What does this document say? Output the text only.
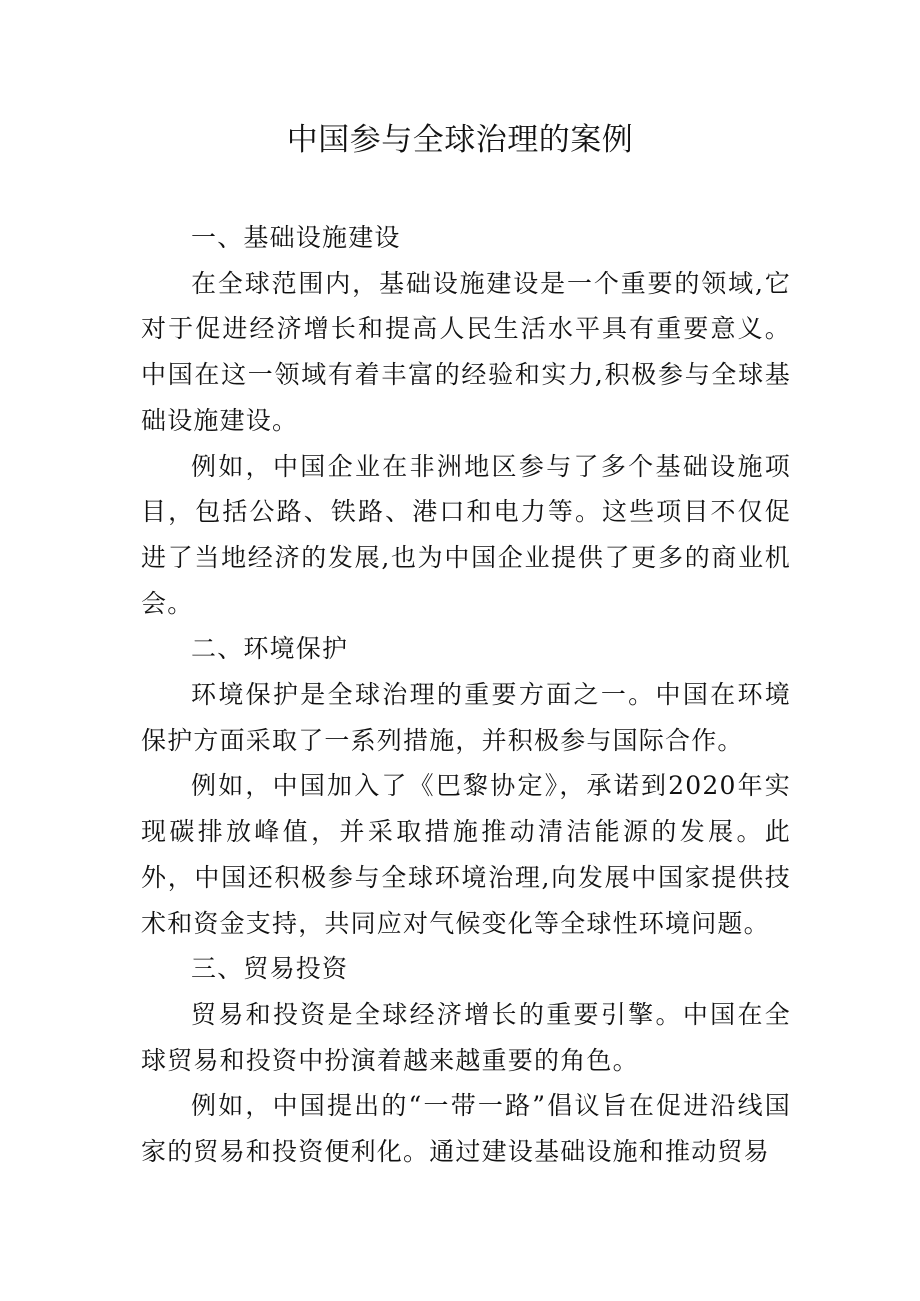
中国参与全球治理的案例

一、基础设施建设

在全球范围内，基础设施建设是一个重要的领域,它对于促进经济增长和提高人民生活水平具有重要意义。中国在这一领域有着丰富的经验和实力,积极参与全球基础设施建设。

例如，中国企业在非洲地区参与了多个基础设施项目，包括公路、铁路、港口和电力等。这些项目不仅促进了当地经济的发展,也为中国企业提供了更多的商业机会。

二、环境保护

环境保护是全球治理的重要方面之一。中国在环境保护方面采取了一系列措施，并积极参与国际合作。

例如，中国加入了《巴黎协定》，承诺到2020年实现碳排放峰值，并采取措施推动清洁能源的发展。此外，中国还积极参与全球环境治理,向发展中国家提供技术和资金支持，共同应对气候变化等全球性环境问题。

三、贸易投资

贸易和投资是全球经济增长的重要引擎。中国在全球贸易和投资中扮演着越来越重要的角色。

例如，中国提出的“一带一路”倡议旨在促进沿线国家的贸易和投资便利化。通过建设基础设施和推动贸易
